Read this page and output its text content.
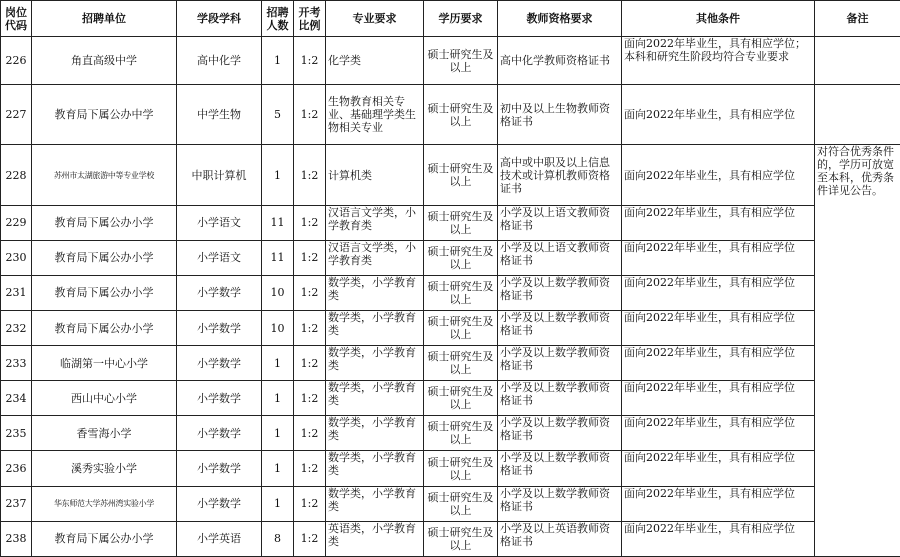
岗位代码	招聘单位	学段学科	招聘人数	开考比例	专业要求	学历要求	教师资格要求	其他条件	备注	
226	角直高级中学	高中化学	1	1:2	化学类	硕士研究生及以上	高中化学教师资格证书	面向2022年毕业生，具有相应学位；本科和研究生阶段均符合专业要求		
227	教育局下属公办中学	中学生物	5	1:2	生物教育相关专业、基础理学类生物相关专业	硕士研究生及以上	初中及以上生物教师资格证书	面向2022年毕业生，具有相应学位		
228	苏州市太湖旅游中等专业学校	中职计算机	1	1:2	计算机类	硕士研究生及以上	高中或中职及以上信息技术或计算机教师资格证书	面向2022年毕业生，具有相应学位	对符合优秀条件的，学历可放宽至本科，优秀条件详见公告。	
229	教育局下属公办小学	小学语文	11	1:2	汉语言文学类，小学教育类	硕士研究生及以上	小学及以上语文教师资格证书	面向2022年毕业生，具有相应学位		
230	教育局下属公办小学	小学语文	11	1:2	汉语言文学类，小学教育类	硕士研究生及以上	小学及以上语文教师资格证书	面向2022年毕业生，具有相应学位		
231	教育局下属公办小学	小学数学	10	1:2	数学类，小学教育类	硕士研究生及以上	小学及以上数学教师资格证书	面向2022年毕业生，具有相应学位		
232	教育局下属公办小学	小学数学	10	1:2	数学类，小学教育类	硕士研究生及以上	小学及以上数学教师资格证书	面向2022年毕业生，具有相应学位		
233	临湖第一中心小学	小学数学	1	1:2	数学类，小学教育类	硕士研究生及以上	小学及以上数学教师资格证书	面向2022年毕业生，具有相应学位		
234	西山中心小学	小学数学	1	1:2	数学类，小学教育类	硕士研究生及以上	小学及以上数学教师资格证书	面向2022年毕业生，具有相应学位		
235	香雪海小学	小学数学	1	1:2	数学类，小学教育类	硕士研究生及以上	小学及以上数学教师资格证书	面向2022年毕业生，具有相应学位		
236	溪秀实验小学	小学数学	1	1:2	数学类，小学教育类	硕士研究生及以上	小学及以上数学教师资格证书	面向2022年毕业生，具有相应学位		
237	华东师范大学苏州湾实验小学	小学数学	1	1:2	数学类，小学教育类	硕士研究生及以上	小学及以上数学教师资格证书	面向2022年毕业生，具有相应学位		
238	教育局下属公办小学	小学英语	8	1:2	英语类，小学教育类	硕士研究生及以上	小学及以上英语教师资格证书	面向2022年毕业生，具有相应学位		
